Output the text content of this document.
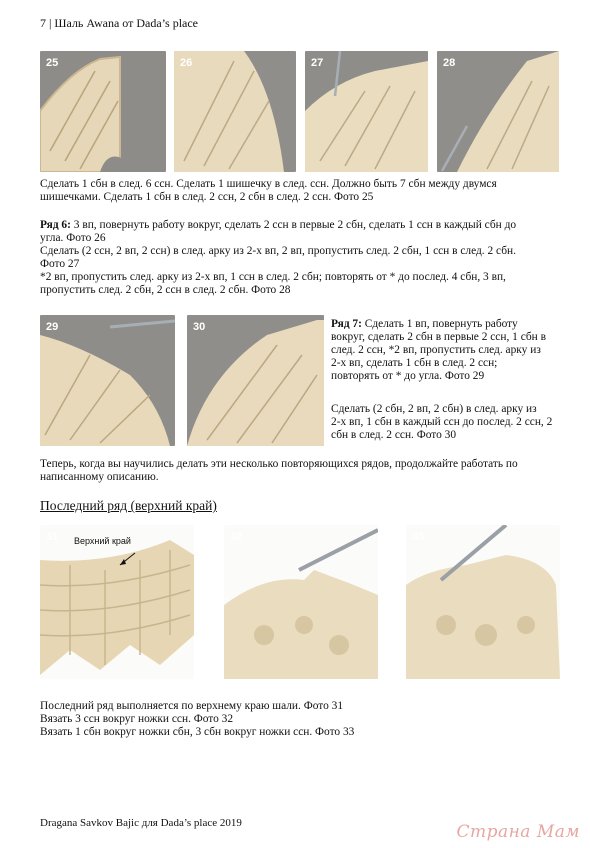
7 | Шаль Awana от Dada’s place
25	26	27	28
Сделать 1 сбн в след. 6 ссн. Сделать 1 шишечку в след. ссн. Должно быть 7 сбн между двумся
шишечками. Сделать 1 сбн в след. 2 ссн, 2 сбн в след. 2 ссн. Фото 25
Ряд 6: 3 вп, повернуть работу вокруг, сделать 2 ссн в первые 2 сбн, сделать 1 ссн в каждый сбн до
угла. Фото 26
Сделать (2 ссн, 2 вп, 2 ссн) в след. арку из 2-х вп, 2 вп, пропустить след. 2 сбн, 1 ссн в след. 2 сбн.
Фото 27
*2 вп, пропустить след. арку из 2-х вп, 1 ссн в след. 2 сбн; повторять от * до послед. 4 сбн, 3 вп,
пропустить след. 2 сбн, 2 ссн в след. 2 сбн. Фото 28
29	30	Ряд 7: Сделать 1 вп, повернуть работу
вокруг, сделать 2 сбн в первые 2 ссн, 1 сбн в
след. 2 ссн, *2 вп, пропустить след. арку из
2-х вп, сделать 1 сбн в след. 2 ссн;
повторять от * до угла. Фото 29
Сделать (2 сбн, 2 вп, 2 сбн) в след. арку из
2-х вп, 1 сбн в каждый ссн до послед. 2 ссн, 2
сбн в след. 2 ссн. Фото 30
Теперь, когда вы научились делать эти несколько повторяющихся рядов, продолжайте работать по
написанному описанию.
Последний ряд (верхний край)
31 Верхний край	32	33
Последний ряд выполняется по верхнему краю шали. Фото 31
Вязать 3 ссн вокруг ножки ссн. Фото 32
Вязать 1 сбн вокруг ножки сбн, 3 сбн вокруг ножки ссн. Фото 33
Dragana Savkov Bajic для Dada’s place 2019	Страна Мам
